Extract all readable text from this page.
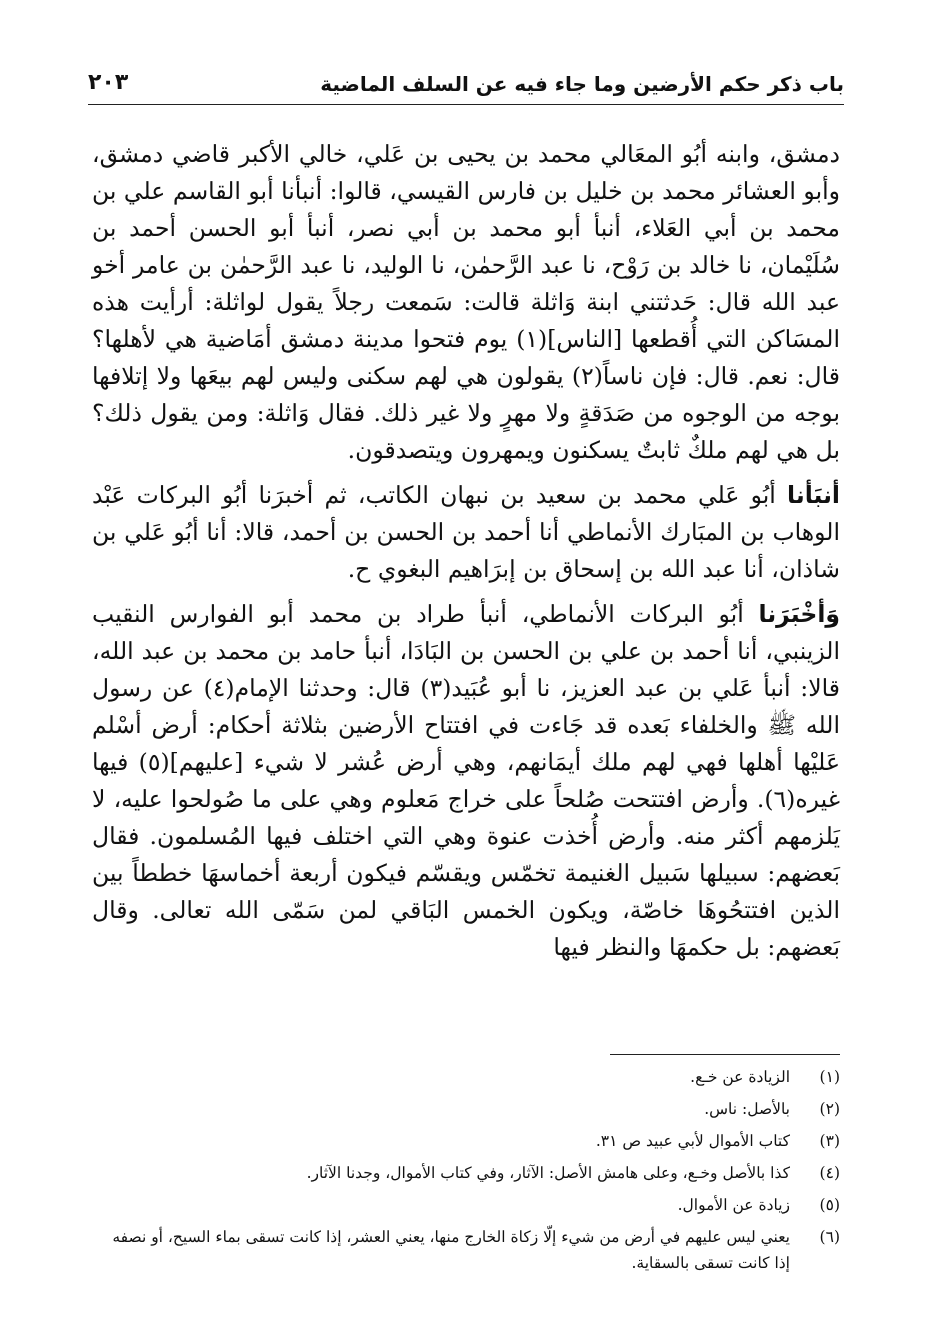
باب ذكر حكم الأرضين وما جاء فيه عن السلف الماضية
٢٠٣

دمشق، وابنه أبُو المعَالي محمد بن يحيى بن عَلي، خالي الأكبر قاضي دمشق، وأبو العشائر محمد بن خليل بن فارس القيسي، قالوا: أنبأنا أبو القاسم علي بن محمد بن أبي العَلاء، أنبأ أبو محمد بن أبي نصر، أنبأ أبو الحسن أحمد بن سُلَيْمان، نا خالد بن رَوْح، نا عبد الرَّحمٰن، نا الوليد، نا عبد الرَّحمٰن بن عامر أخو عبد الله قال: حَدثتني ابنة وَاثلة قالت: سَمعت رجلاً يقول لواثلة: أرأيت هذه المسَاكن التي أُقطعها [الناس](١) يوم فتحوا مدينة دمشق أمَاضية هي لأهلها؟ قال: نعم. قال: فإن ناساً(٢) يقولون هي لهم سكنى وليس لهم بيعَها ولا إتلافها بوجه من الوجوه من صَدَقةٍ ولا مهرٍ ولا غير ذلك. فقال وَاثلة: ومن يقول ذلك؟ بل هي لهم ملكٌ ثابتٌ يسكنون ويمهرون ويتصدقون.

أنبَأنا أبُو عَلي محمد بن سعيد بن نبهان الكاتب، ثم أخبرَنا أبُو البركات عَبْد الوهاب بن المبَارك الأنماطي أنا أحمد بن الحسن بن أحمد، قالا: أنا أبُو عَلي بن شاذان، أنا عبد الله بن إسحاق بن إبرَاهيم البغوي ح.

وَأخْبَرَنا أبُو البركات الأنماطي، أنبأ طراد بن محمد أبو الفوارس النقيب الزينبي، أنا أحمد بن علي بن الحسن بن البَادَا، أنبأ حامد بن محمد بن عبد الله، قالا: أنبأ عَلي بن عبد العزيز، نا أبو عُبَيد(٣) قال: وحدثنا الإمام(٤) عن رسول الله ﷺ والخلفاء بَعده قد جَاءت في افتتاح الأرضين بثلاثة أحكام: أرض أسْلم عَليْها أهلها فهي لهم ملك أيمَانهم، وهي أرض عُشر لا شيء [عليهم](٥) فيها غيره(٦). وأرض افتتحت صُلحاً على خراج مَعلوم وهي على ما صُولحوا عليه، لا يَلزمهم أكثر منه. وأرض أُخذت عنوة وهي التي اختلف فيها المُسلمون. فقال بَعضهم: سبيلها سَبيل الغنيمة تخمّس ويقسّم فيكون أربعة أخماسهَا خططاً بين الذين افتتحُوهَا خاصّة، ويكون الخمس البَاقي لمن سَمّى الله تعالى. وقال بَعضهم: بل حكمهَا والنظر فيها

(١)
الزيادة عن خـع.
(٢)
بالأصل: ناس.
(٣)
كتاب الأموال لأبي عبيد ص ٣١.
(٤)
كذا بالأصل وخـع، وعلى هامش الأصل: الآثار، وفي كتاب الأموال، وجدنا الآثار.
(٥)
زيادة عن الأموال.
(٦)
يعني ليس عليهم في أرض من شيء إلّا زكاة الخارج منها، يعني العشر، إذا كانت تسقى بماء السيح، أو نصفه إذا كانت تسقى بالسقاية.
